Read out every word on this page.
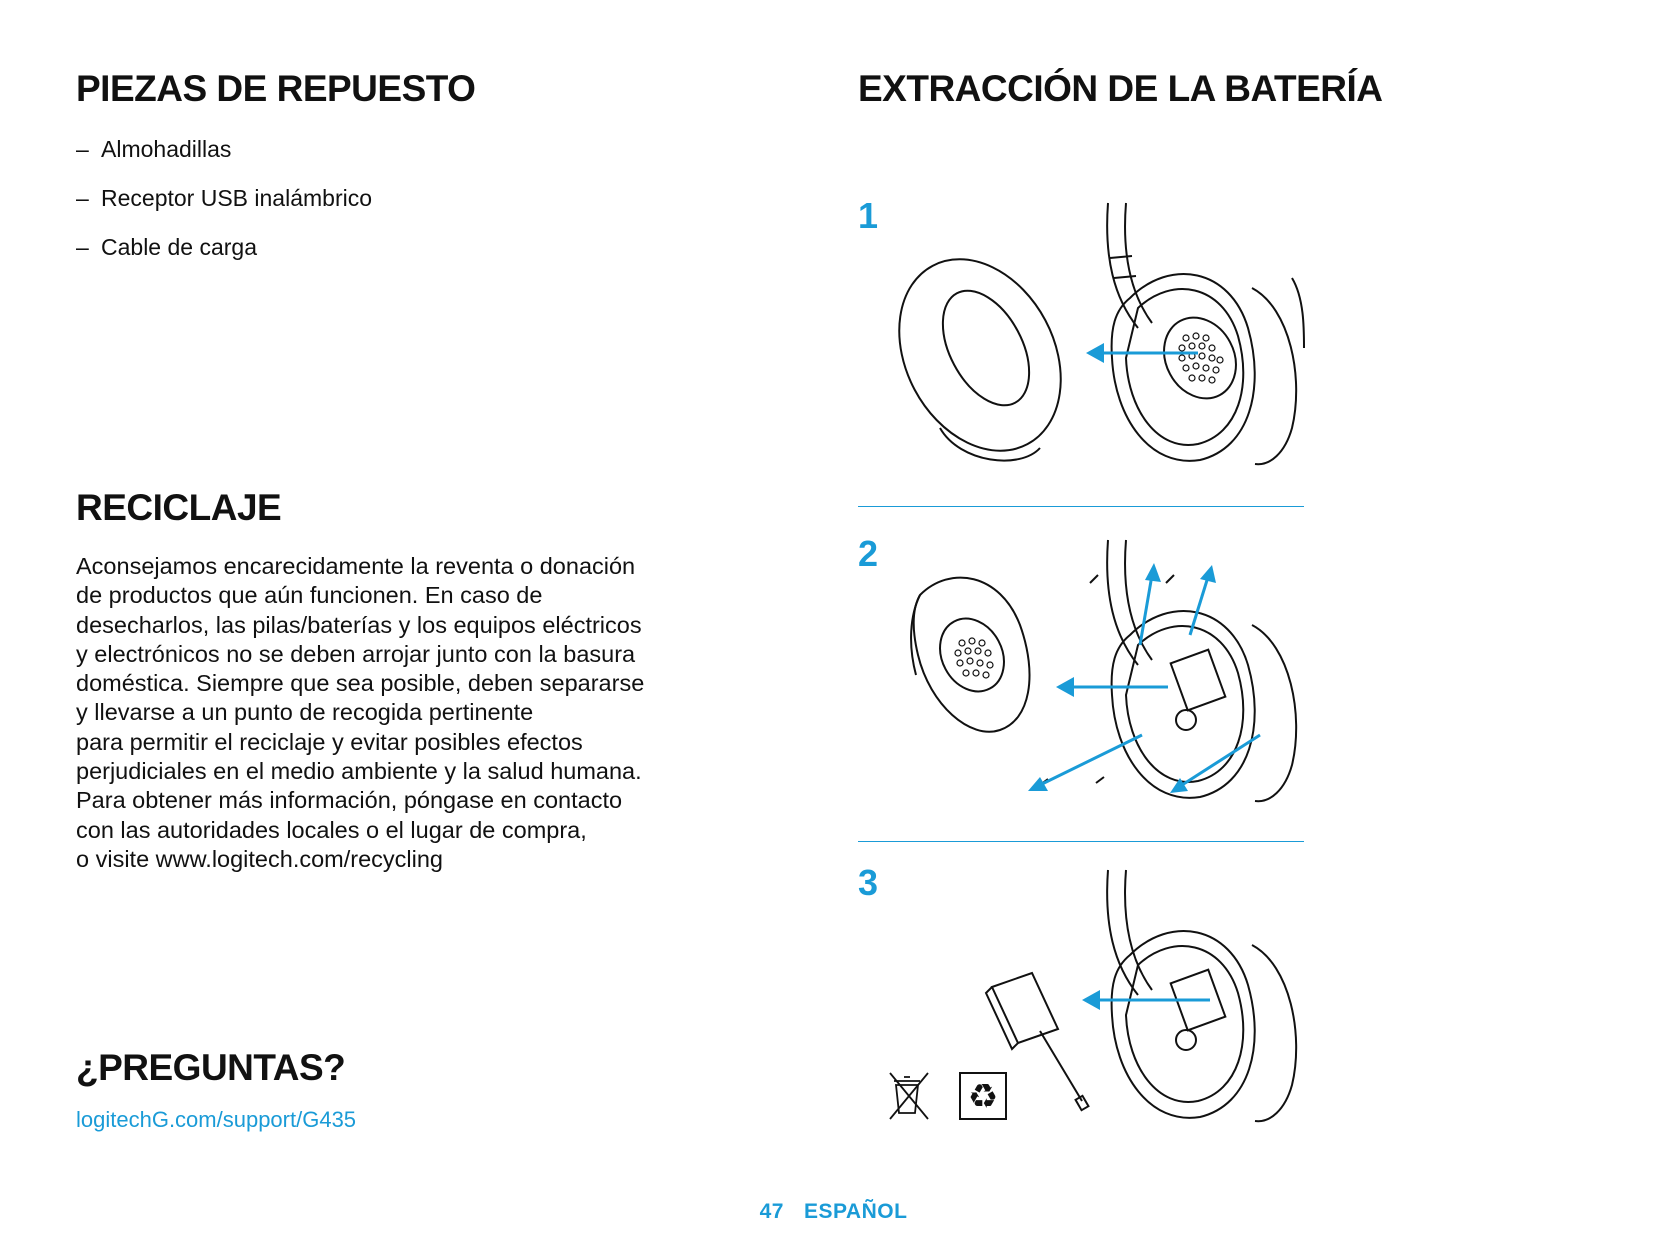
PIEZAS DE REPUESTO
– Almohadillas
– Receptor USB inalámbrico
– Cable de carga
RECICLAJE
Aconsejamos encarecidamente la reventa o donación
de productos que aún funcionen. En caso de
desecharlos, las pilas/baterías y los equipos eléctricos
y electrónicos no se deben arrojar junto con la basura
doméstica. Siempre que sea posible, deben separarse
y llevarse a un punto de recogida pertinente
para permitir el reciclaje y evitar posibles efectos
perjudiciales en el medio ambiente y la salud humana.
Para obtener más información, póngase en contacto
con las autoridades locales o el lugar de compra,
o visite www.logitech.com/recycling
¿PREGUNTAS?
logitechG.com/support/G435
EXTRACCIÓN DE LA BATERÍA
1
2
3
♻
47 ESPAÑOL
